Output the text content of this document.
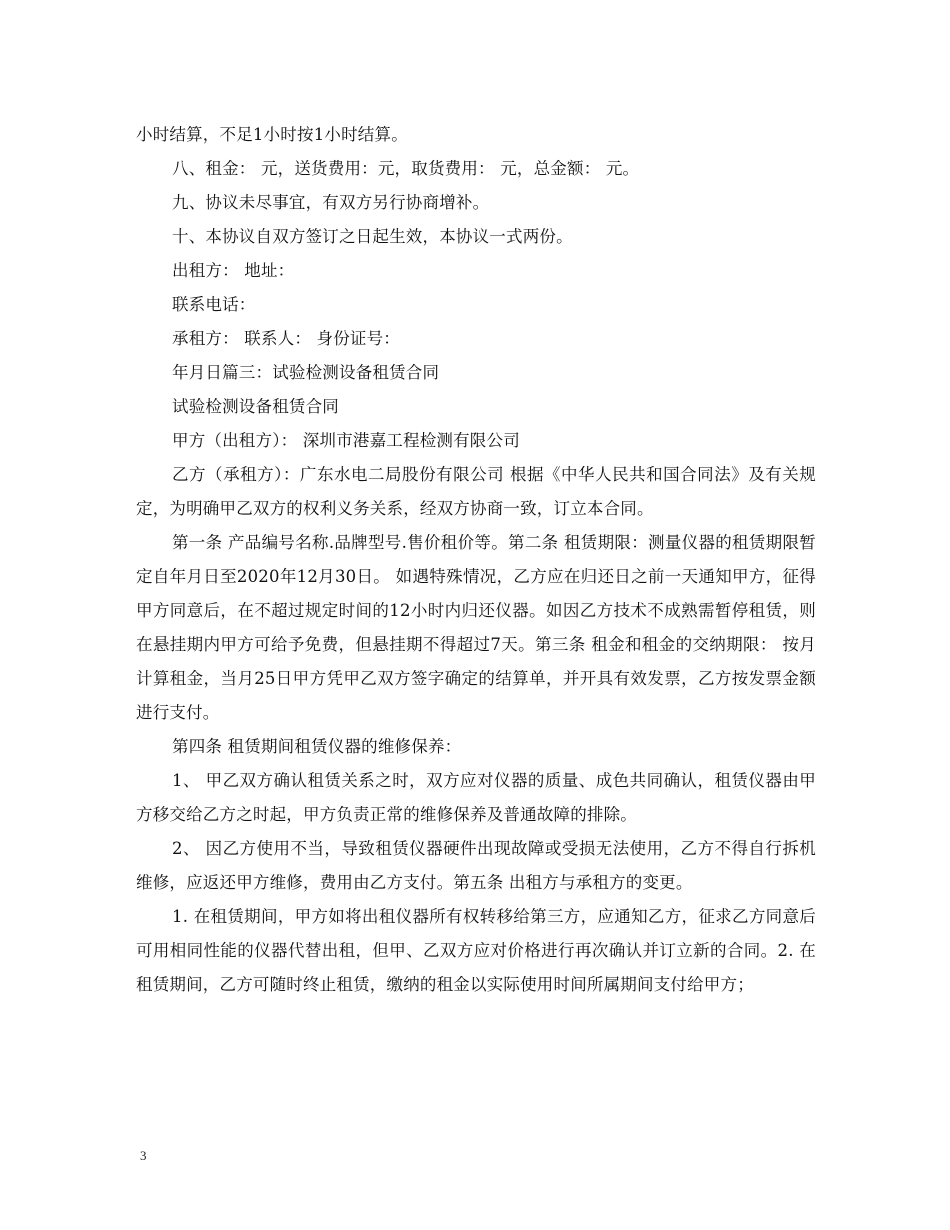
小时结算，不足1小时按1小时结算。

八、租金： 元，送货费用：元，取货费用： 元，总金额： 元。

九、协议未尽事宜，有双方另行协商增补。

十、本协议自双方签订之日起生效，本协议一式两份。

出租方： 地址：

联系电话：

承租方： 联系人： 身份证号：

年月日篇三：试验检测设备租赁合同

试验检测设备租赁合同

甲方（出租方）： 深圳市港嘉工程检测有限公司

乙方（承租方）：广东水电二局股份有限公司 根据《中华人民共和国合同法》及有关规定，为明确甲乙双方的权利义务关系，经双方协商一致，订立本合同。

第一条 产品编号名称.品牌型号.售价租价等。第二条 租赁期限：测量仪器的租赁期限暂定自年月日至2020年12月30日。 如遇特殊情况，乙方应在归还日之前一天通知甲方，征得甲方同意后，在不超过规定时间的12小时内归还仪器。如因乙方技术不成熟需暂停租赁，则在悬挂期内甲方可给予免费，但悬挂期不得超过7天。第三条 租金和租金的交纳期限： 按月计算租金，当月25日甲方凭甲乙双方签字确定的结算单，并开具有效发票，乙方按发票金额进行支付。

第四条 租赁期间租赁仪器的维修保养：

1、 甲乙双方确认租赁关系之时，双方应对仪器的质量、成色共同确认，租赁仪器由甲方移交给乙方之时起，甲方负责正常的维修保养及普通故障的排除。

2、 因乙方使用不当，导致租赁仪器硬件出现故障或受损无法使用，乙方不得自行拆机维修，应返还甲方维修，费用由乙方支付。第五条 出租方与承租方的变更。

1. 在租赁期间，甲方如将出租仪器所有权转移给第三方，应通知乙方，征求乙方同意后可用相同性能的仪器代替出租，但甲、乙双方应对价格进行再次确认并订立新的合同。2. 在租赁期间，乙方可随时终止租赁，缴纳的租金以实际使用时间所属期间支付给甲方；

3
